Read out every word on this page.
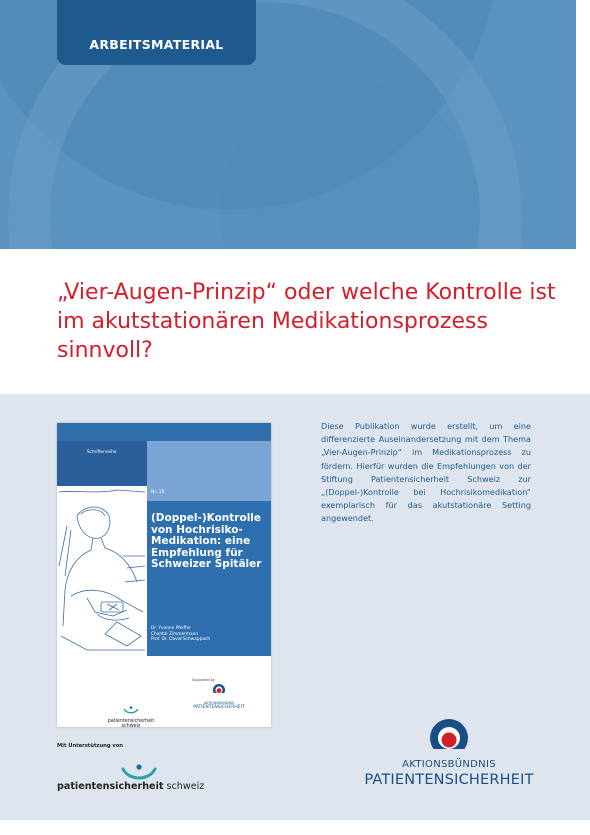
ARBEITSMATERIAL
„Vier-Augen-Prinzip“ oder welche Kontrolle ist im akutstationären Medikationsprozess sinnvoll?
Schriftenreihe
Nr. 10

(Doppel-)Kontrolle
von Hochrisiko-
Medikation: eine
Empfehlung für
Schweizer Spitäler

Dr. Yvonne Pfeiffer
Chantal Zimmermann
Prof. Dr. David Schwappach
patientensicherheit schweiz
Supported by
AKTIONSBÜNDNIS
PATIENTENSICHERHEIT

Diese Publikation wurde erstellt, um eine differenzierte Auseinandersetzung mit dem Thema „Vier-Augen-Prinzip“ im Medikationsprozess zu fördern. Hierfür wurden die Empfehlungen von der Stiftung Patientensicherheit Schweiz zur „(Doppel-)Kontrolle bei Hochrisikomedikation“ exemplarisch für das akutstationäre Setting angewendet.

Mit Unterstützung von
patientensicherheit schweiz
AKTIONSBÜNDNIS
PATIENTENSICHERHEIT
